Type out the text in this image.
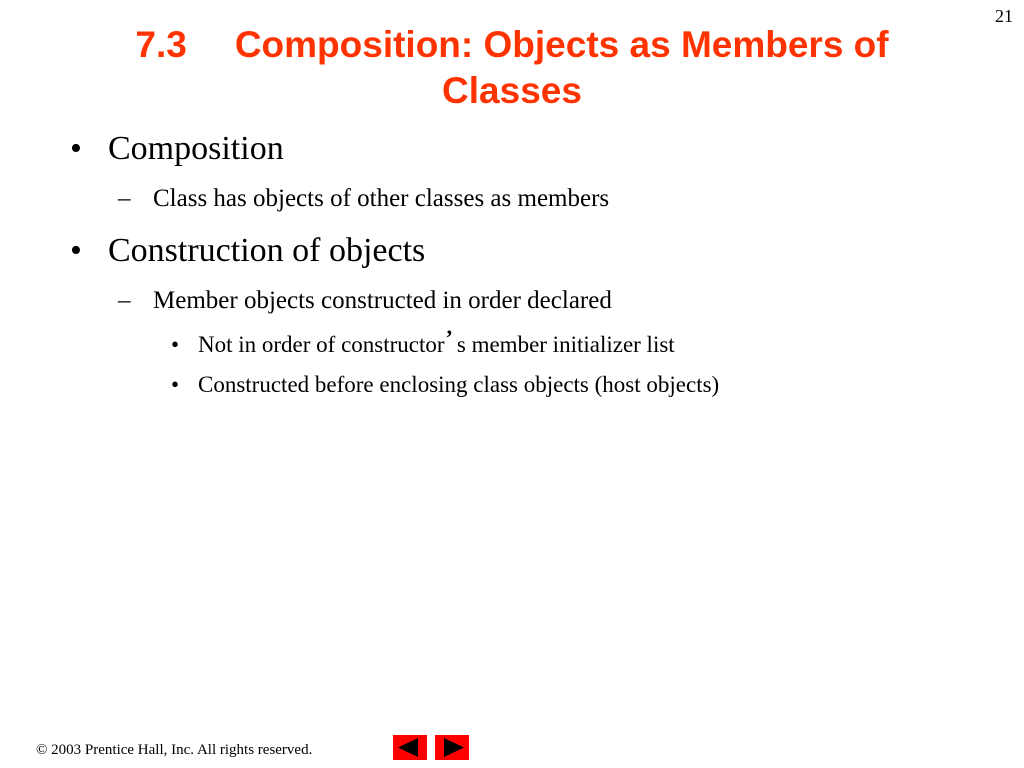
21
7.3 Composition: Objects as Members of
Classes
• Composition
– Class has objects of other classes as members
• Construction of objects
– Member objects constructed in order declared
• Not in order of constructor’ s member initializer list
• Constructed before enclosing class objects (host objects)
© 2003 Prentice Hall, Inc. All rights reserved.
